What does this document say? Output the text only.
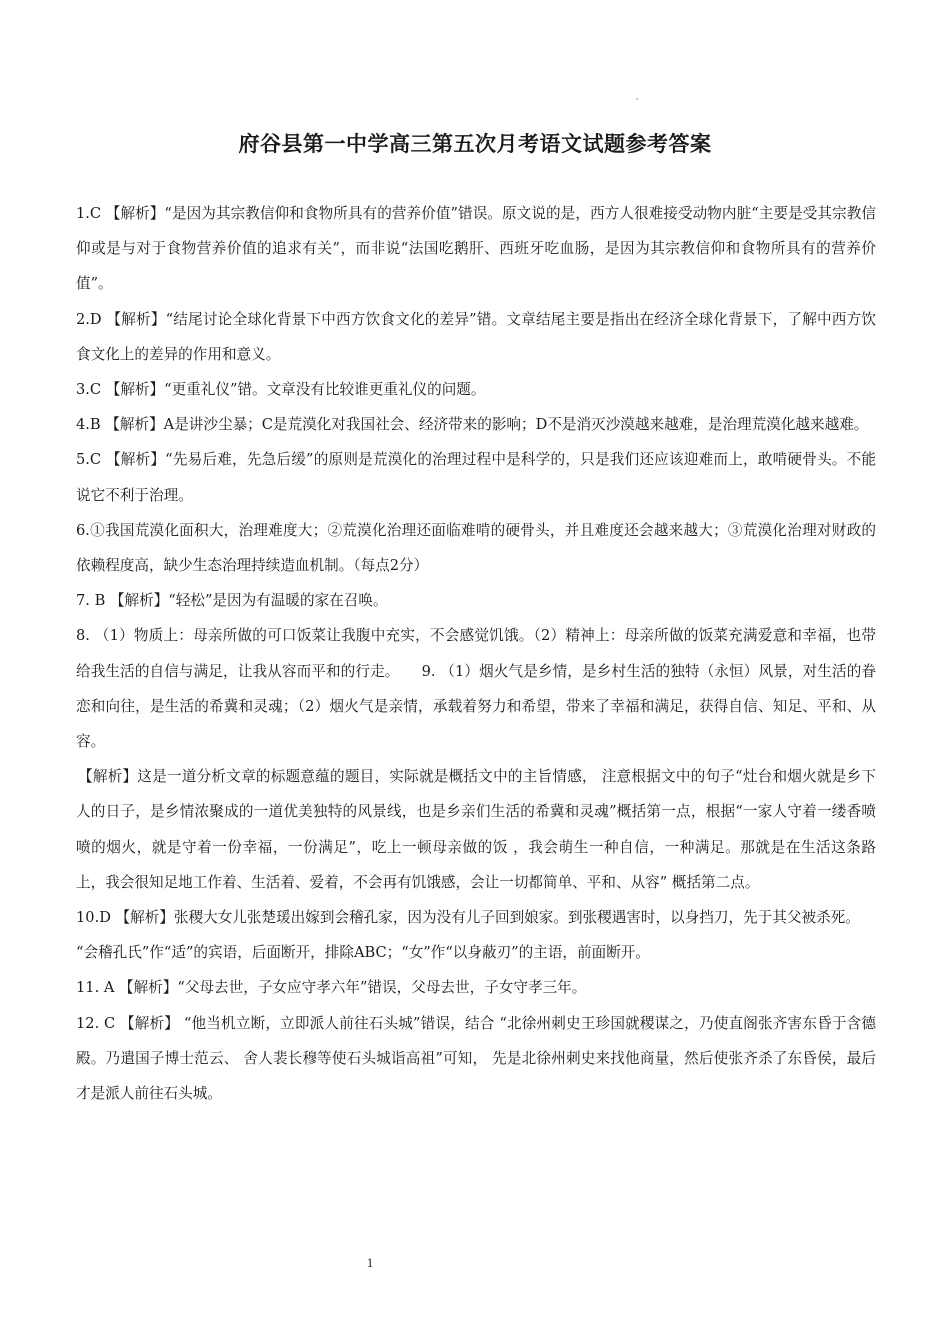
府谷县第一中学高三第五次月考语文试题参考答案

1.C 【解析】“是因为其宗教信仰和食物所具有的营养价值”错误。原文说的是，西方人很难接受动物内脏“主要是受其宗教信仰或是与对于食物营养价值的追求有关”，而非说“法国吃鹅肝、西班牙吃血肠，是因为其宗教信仰和食物所具有的营养价值”。

2.D 【解析】“结尾讨论全球化背景下中西方饮食文化的差异”错。文章结尾主要是指出在经济全球化背景下，了解中西方饮食文化上的差异的作用和意义。

3.C 【解析】“更重礼仪”错。文章没有比较谁更重礼仪的问题。

4.B 【解析】A是讲沙尘暴；C是荒漠化对我国社会、经济带来的影响；D不是消灭沙漠越来越难，是治理荒漠化越来越难。

5.C 【解析】“先易后难，先急后缓”的原则是荒漠化的治理过程中是科学的，只是我们还应该迎难而上，敢啃硬骨头。不能说它不利于治理。

6.①我国荒漠化面积大，治理难度大；②荒漠化治理还面临难啃的硬骨头，并且难度还会越来越大；③荒漠化治理对财政的依赖程度高，缺少生态治理持续造血机制。（每点2分）

7. B 【解析】“轻松”是因为有温暖的家在召唤。

8. （1）物质上：母亲所做的可口饭菜让我腹中充实，不会感觉饥饿。（2）精神上：母亲所做的饭菜充满爱意和幸福，也带给我生活的自信与满足，让我从容而平和的行走。　　9. （1）烟火气是乡情，是乡村生活的独特（永恒）风景，对生活的眷恋和向往，是生活的希冀和灵魂；（2）烟火气是亲情，承载着努力和希望，带来了幸福和满足，获得自信、知足、平和、从容。

【解析】这是一道分析文章的标题意蕴的题目，实际就是概括文中的主旨情感， 注意根据文中的句子“灶台和烟火就是乡下人的日子，是乡情浓聚成的一道优美独特的风景线，也是乡亲们生活的希冀和灵魂”概括第一点，根据“一家人守着一缕香喷喷的烟火，就是守着一份幸福，一份满足”，吃上一顿母亲做的饭 ，我会萌生一种自信，一种满足。那就是在生活这条路上，我会很知足地工作着、生活着、爱着，不会再有饥饿感，会让一切都简单、平和、从容” 概括第二点。

10.D 【解析】张稷大女儿张楚瑗出嫁到会稽孔家，因为没有儿子回到娘家。到张稷遇害时，以身挡刀，先于其父被杀死。

“会稽孔氏”作“适”的宾语，后面断开，排除ABC；“女”作“以身蔽刃”的主语，前面断开。

11. A 【解析】“父母去世，子女应守孝六年”错误，父母去世，子女守孝三年。

12. C 【解析】 “他当机立断，立即派人前往石头城”错误，结合 “北徐州刺史王珍国就稷谋之，乃使直阁张齐害东昏于含德殿。乃遣国子博士范云、 舍人裴长穆等使石头城诣高祖”可知， 先是北徐州刺史来找他商量，然后使张齐杀了东昏侯，最后才是派人前往石头城。

1
